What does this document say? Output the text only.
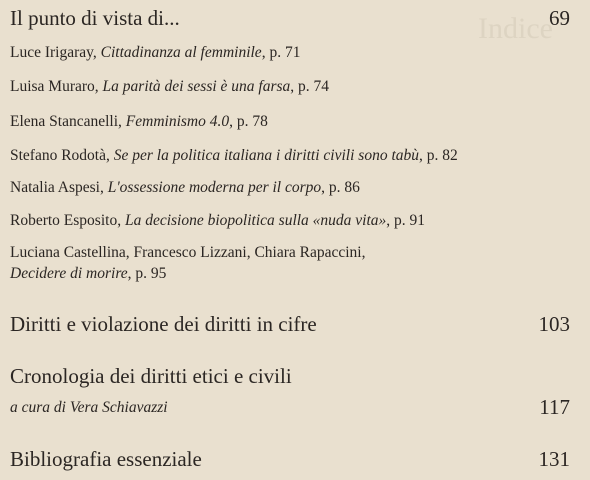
Indice
Il punto di vista di...	69
Luce Irigaray, Cittadinanza al femminile, p. 71
Luisa Muraro, La parità dei sessi è una farsa, p. 74
Elena Stancanelli, Femminismo 4.0, p. 78
Stefano Rodotà, Se per la politica italiana i diritti civili sono tabù, p. 82
Natalia Aspesi, L'ossessione moderna per il corpo, p. 86
Roberto Esposito, La decisione biopolitica sulla «nuda vita», p. 91
Luciana Castellina, Francesco Lizzani, Chiara Rapaccini,
Decidere di morire, p. 95
Diritti e violazione dei diritti in cifre	103
Cronologia dei diritti etici e civili
a cura di Vera Schiavazzi	117
Bibliografia essenziale	131
